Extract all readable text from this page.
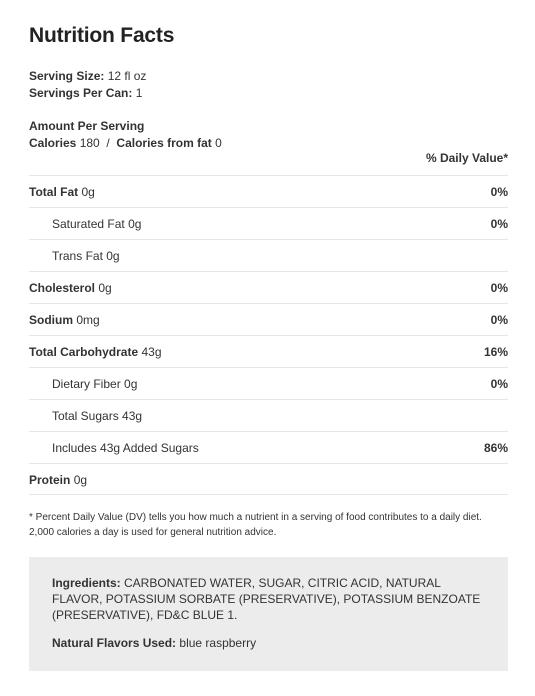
Nutrition Facts
Serving Size: 12 fl oz
Servings Per Can: 1
Amount Per Serving
Calories 180 / Calories from fat 0
% Daily Value*
Total Fat 0g	0%
Saturated Fat 0g	0%
Trans Fat 0g
Cholesterol 0g	0%
Sodium 0mg	0%
Total Carbohydrate 43g	16%
Dietary Fiber 0g	0%
Total Sugars 43g
Includes 43g Added Sugars	86%
Protein 0g
* Percent Daily Value (DV) tells you how much a nutrient in a serving of food contributes to a daily diet.
2,000 calories a day is used for general nutrition advice.
Ingredients: CARBONATED WATER, SUGAR, CITRIC ACID, NATURAL FLAVOR, POTASSIUM SORBATE (PRESERVATIVE), POTASSIUM BENZOATE (PRESERVATIVE), FD&C BLUE 1.
Natural Flavors Used: blue raspberry
